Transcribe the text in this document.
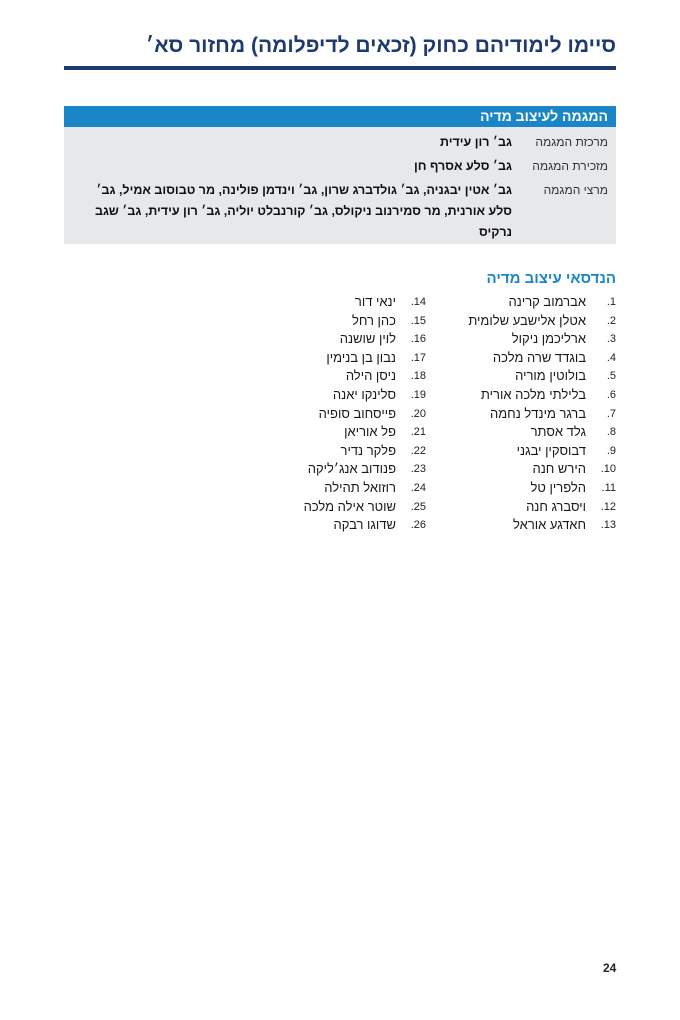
סיימו לימודיהם כחוק (זכאים לדיפלומה) מחזור סא׳
המגמה לעיצוב מדיה
מרכזת המגמה
גב׳ רון עידית
מזכירת המגמה
גב׳ סלע אסרף חן
מרצי המגמה
גב׳ אטין יבגניה, גב׳ גולדברג שרון, גב׳ וינדמן פולינה, מר טבוסוב אמיל, גב׳ סלע אורנית, מר סמירנוב ניקולס, גב׳ קורנבלט יוליה, גב׳ רון עידית, גב׳ שגב נרקיס
הנדסאי עיצוב מדיה
1.
אברמוב קרינה
2.
אטלן אלישבע שלומית
3.
ארליכמן ניקול
4.
בוגדד שרה מלכה
5.
בולוטין מוריה
6.
בלילתי מלכה אורית
7.
ברגר מינדל נחמה
8.
גלד אסתר
9.
דבוסקין יבגני
10.
הירש חנה
11.
הלפרין טל
12.
ויסברג חנה
13.
חאדגע אוראל
14.
ינאי דור
15.
כהן רחל
16.
לוין שושנה
17.
נבון בן בנימין
18.
ניסן הילה
19.
סלינקו יאנה
20.
פייסחוב סופיה
21.
פל אוריאן
22.
פלקר נדיר
23.
פנודוב אנג׳ליקה
24.
רוזואל תהילה
25.
שוטר אילה מלכה
26.
שדוגו רבקה
24
